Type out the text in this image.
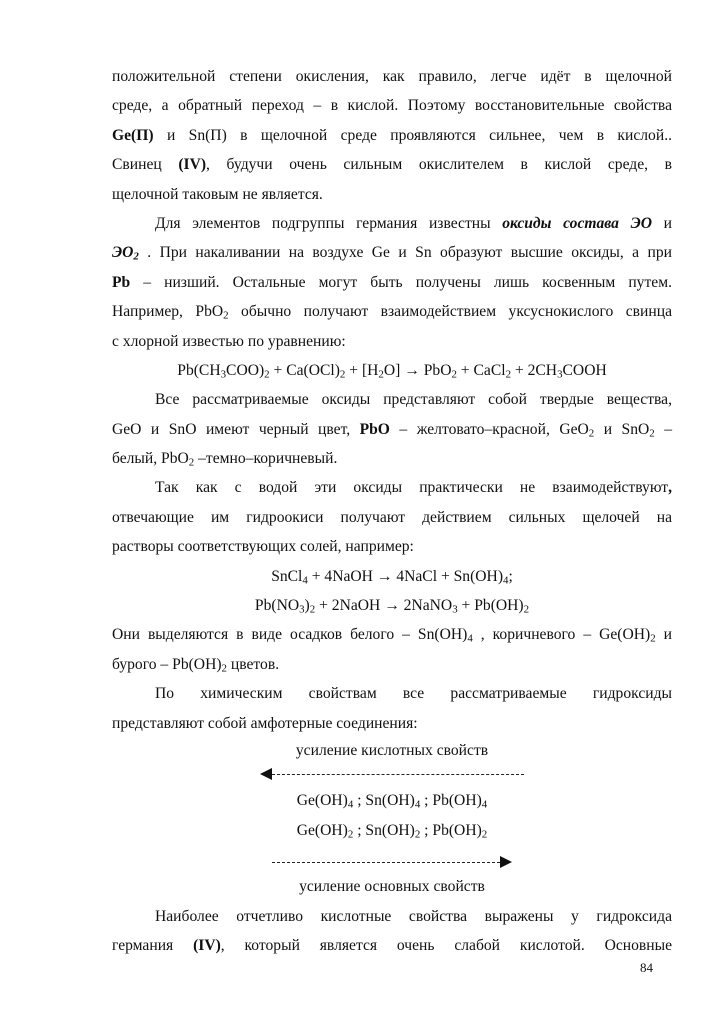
положительной степени окисления, как правило, легче идёт в щелочной
среде, а обратный переход – в кислой. Поэтому восстановительные свойства
Ge(П) и Sn(П) в щелочной среде проявляются сильнее, чем в кислой..
Свинец (IV), будучи очень сильным окислителем в кислой среде, в
щелочной таковым не является.
Для элементов подгруппы германия известны оксиды состава ЭО и
$ЭО_2$ . При накаливании на воздухе Ge и Sn образуют высшие оксиды, а при
Pb – низший. Остальные могут быть получены лишь косвенным путем.
Например, PbO$_2$ обычно получают взаимодействием уксуснокислого свинца
с хлорной известью по уравнению:
$Pb(CH_3COO)_2 + Ca(OCl)_2 + [H_2O] \to PbO_2$ + CaCl$_2$ + $2CH_3COOH$
Все рассматриваемые оксиды представляют собой твердые вещества,
GeO и SnO имеют черный цвет, PbO – желтовато–красной, GeO$_2$ и SnO$_2$ –
белый, PbO$_2$ –темно–коричневый.
Так как с водой эти оксиды практически не взаимодействуют,
отвечающие им гидроокиси получают действием сильных щелочей на
растворы соответствующих солей, например:
SnCl$_4$ + 4NaOH → 4NaCl + $Sn(OH)_4$;
$Pb(NO_3)_2$ + 2NaOH → 2NaNO$_3$ + $Pb(OH)_2$
Они выделяются в виде осадков белого – $Sn(OH)_4$ , коричневого – $Ge(OH)_2$ и
бурого – $Pb(OH)_2$ цветов.
По химическим свойствам все рассматриваемые гидроксиды
представляют собой амфотерные соединения:
усиление кислотных свойств
$Ge(OH)_4$ ; $Sn(OH)_4$ ; $Pb(OH)_4$
$Ge(OH)_2$ ; $Sn(OH)_2$ ; $Pb(OH)_2$
усиление основных свойств
Наиболее отчетливо кислотные свойства выражены у гидроксида
германия (IV), который является очень слабой кислотой. Основные
84
